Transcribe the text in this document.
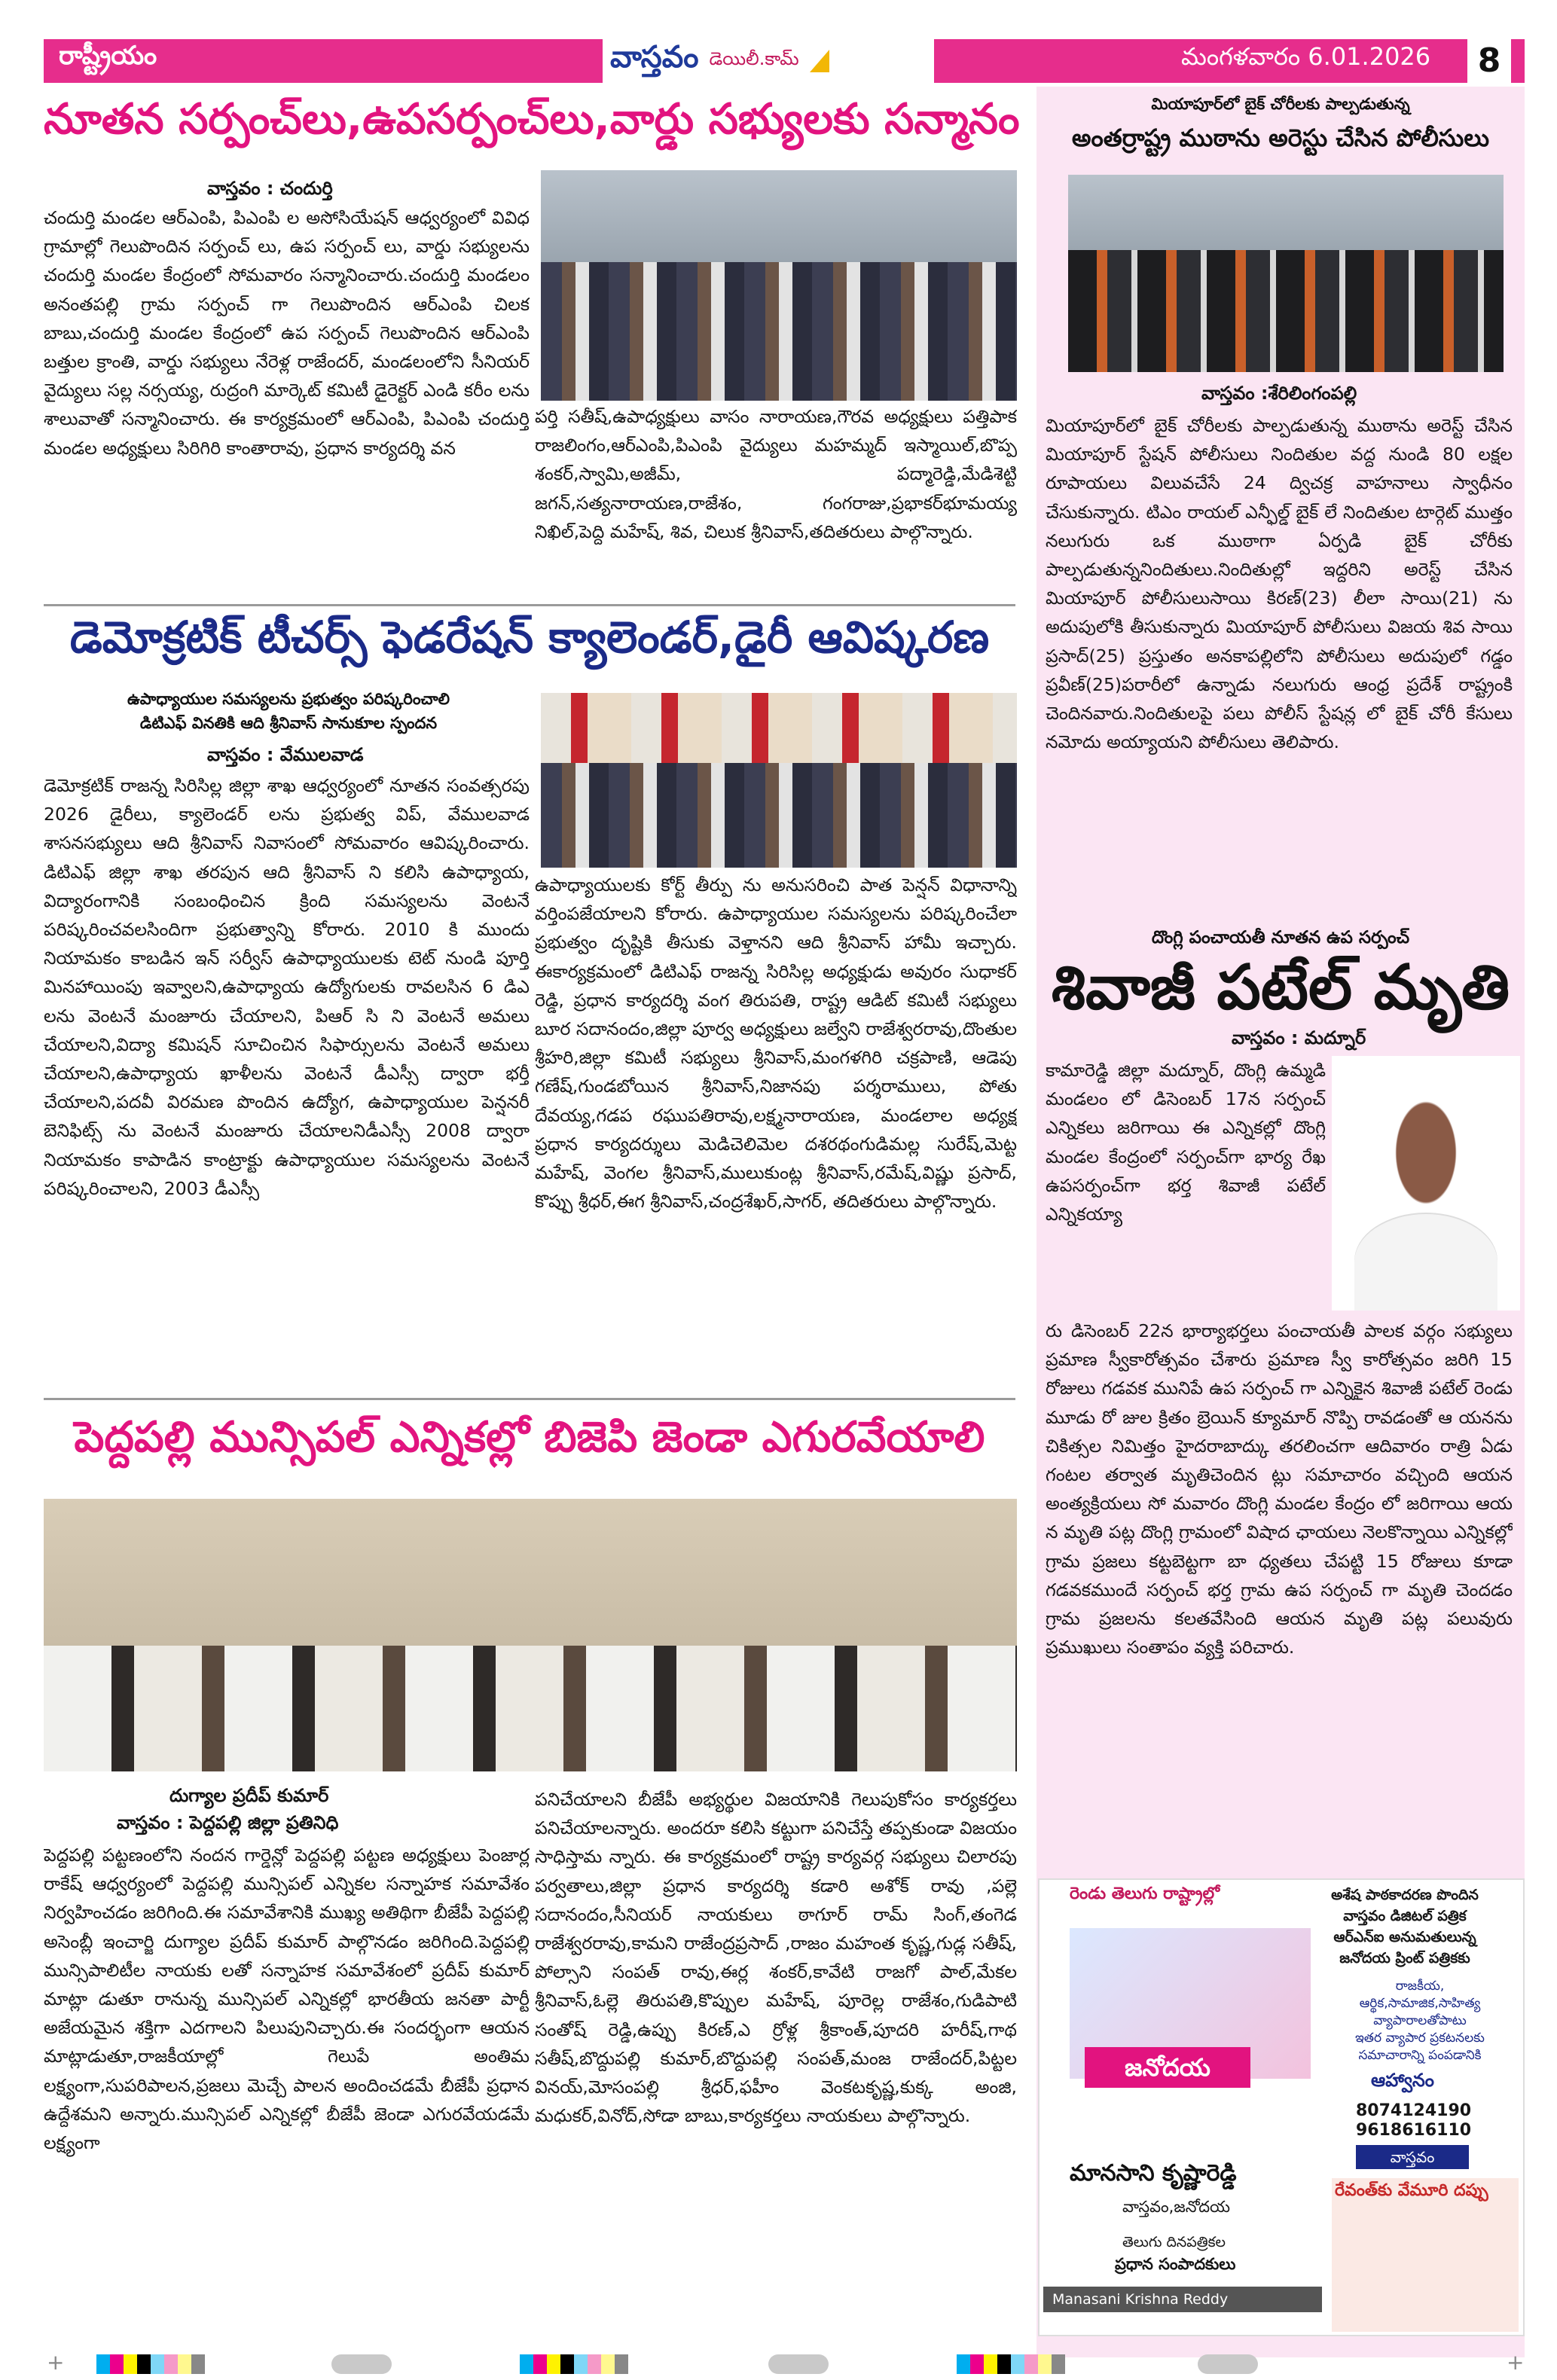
రాష్ట్రీయం	వాస్తవం డెయిలీ.కామ్	మంగళవారం 6.01.2026	8
నూతన సర్పంచ్‌లు,ఉపసర్పంచ్‌లు,వార్డు సభ్యులకు సన్మానం
వాస్తవం : చందుర్తి
చందుర్తి మండల ఆర్ఎంపి, పిఎంపి ల అసోసియేషన్ ఆధ్వర్యంలో వివిధ గ్రామాల్లో గెలుపొందిన సర్పంచ్ లు, ఉప సర్పంచ్ లు, వార్డు సభ్యులను చందుర్తి మండల కేంద్రంలో సోమవారం సన్మానించారు.చందుర్తి మండలం అనంతపల్లి గ్రామ సర్పంచ్ గా గెలుపొందిన ఆర్ఎంపి చిలక బాబు,చందుర్తి మండల కేంద్రంలో ఉప సర్పంచ్ గెలుపొందిన ఆర్ఎంపి బత్తుల క్రాంతి, వార్డు సభ్యులు నేరెళ్ల రాజేందర్, మండలంలోని సీనియర్ వైద్యులు సల్ల నర్సయ్య, రుద్రంగి మార్కెట్ కమిటీ డైరెక్టర్ ఎండి కరీం లను శాలువాతో సన్మానించారు. ఈ కార్యక్రమంలో ఆర్ఎంపి, పిఎంపి చందుర్తి మండల అధ్యక్షులు సిరిగిరి కాంతారావు, ప్రధాన కార్యదర్శి వన
పర్తి సతీష్,ఉపాధ్యక్షులు వాసం నారాయణ,గౌరవ అధ్యక్షులు పత్తిపాక రాజలింగం,ఆర్ఎంపి,పిఎంపి వైద్యులు మహమ్మద్ ఇస్మాయిల్,బొప్ప శంకర్,స్వామి,అజీమ్, పద్మారెడ్డి,మేడిశెట్టి జగన్,సత్యనారాయణ,రాజేశం, గంగరాజు,ప్రభాకర్‌భూమయ్య నిఖిల్,పెద్ది మహేష్, శివ, చిలుక శ్రీనివాస్,తదితరులు పాల్గొన్నారు.
డెమోక్రటిక్ టీచర్స్ ఫెడరేషన్ క్యాలెండర్,డైరీ ఆవిష్కరణ
ఉపాధ్యాయుల సమస్యలను ప్రభుత్వం పరిష్కరించాలి
డిటిఎఫ్ వినతికి ఆది శ్రీనివాస్ సానుకూల స్పందన
వాస్తవం : వేములవాడ
డెమోక్రటిక్ రాజన్న సిరిసిల్ల జిల్లా శాఖ ఆధ్వర్యంలో నూతన సంవత్సరపు 2026 డైరీలు, క్యాలెండర్ లను ప్రభుత్వ విప్, వేములవాడ శాసనసభ్యులు ఆది శ్రీనివాస్ నివాసంలో సోమవారం ఆవిష్కరించారు. డిటిఎఫ్ జిల్లా శాఖ తరపున ఆది శ్రీనివాస్ ని కలిసి ఉపాధ్యాయ, విద్యారంగానికి సంబంధించిన క్రింది సమస్యలను వెంటనే పరిష్కరించవలసిందిగా ప్రభుత్వాన్ని కోరారు. 2010 కి ముందు నియామకం కాబడిన ఇన్ సర్వీస్ ఉపాధ్యాయులకు టెట్ నుండి పూర్తి మినహాయింపు ఇవ్వాలని,ఉపాధ్యాయ ఉద్యోగులకు రావలసిన 6 డిఎ లను వెంటనే మంజూరు చేయాలని, పిఆర్ సి ని వెంటనే అమలు చేయాలని,విద్యా కమిషన్ సూచించిన సిఫార్సులను వెంటనే అమలు చేయాలని,ఉపాధ్యాయ ఖాళీలను వెంటనే డీఎస్సీ ద్వారా భర్తీ చేయాలని,పదవీ విరమణ పొందిన ఉద్యోగ, ఉపాధ్యాయుల పెన్షనరీ బెనిఫిట్స్ ను వెంటనే మంజూరు చేయాలనిడీఎస్సీ 2008 ద్వారా నియామకం కాపాడిన కాంట్రాక్టు ఉపాధ్యాయుల సమస్యలను వెంటనే పరిష్కరించాలని, 2003 డీఎస్సీ
ఉపాధ్యాయులకు కోర్ట్ తీర్పు ను అనుసరించి పాత పెన్షన్ విధానాన్ని వర్తింపజేయాలని కోరారు. ఉపాధ్యాయుల సమస్యలను పరిష్కరించేలా ప్రభుత్వం దృష్టికి తీసుకు వెళ్తానని ఆది శ్రీనివాస్ హామీ ఇచ్చారు. ఈకార్యక్రమంలో డిటిఎఫ్ రాజన్న సిరిసిల్ల అధ్యక్షుడు అవురం సుధాకర్ రెడ్డి, ప్రధాన కార్యదర్శి వంగ తిరుపతి, రాష్ట్ర ఆడిట్ కమిటీ సభ్యులు బూర సదానందం,జిల్లా పూర్వ అధ్యక్షులు జల్వేని రాజేశ్వరరావు,దొంతుల శ్రీహరి,జిల్లా కమిటీ సభ్యులు శ్రీనివాస్,మంగళగిరి చక్రపాణి, ఆడెపు గణేష్,గుండబోయిన శ్రీనివాస్,నిజానపు పర్శరాములు, పోతు దేవయ్య,గడప రఘుపతిరావు,లక్ష్మనారాయణ, మండలాల అధ్యక్ష ప్రధాన కార్యదర్శులు మెడిచెలిమెల దశరథంగుడిమల్ల సురేష్,మెట్ట మహేష్, వెంగల శ్రీనివాస్,ములుకుంట్ల శ్రీనివాస్,రమేష్,విష్ణు ప్రసాద్, కొప్పు శ్రీధర్,ఈగ శ్రీనివాస్,చంద్రశేఖర్,సాగర్, తదితరులు పాల్గొన్నారు.
పెద్దపల్లి మున్సిపల్ ఎన్నికల్లో బిజెపి జెండా ఎగురవేయాలి
దుగ్యాల ప్రదీప్ కుమార్
వాస్తవం : పెద్దపల్లి జిల్లా ప్రతినిధి
పెద్దపల్లి పట్టణంలోని నందన గార్డెన్లో పెద్దపల్లి పట్టణ అధ్యక్షులు పెంజార్ల రాకేష్ ఆధ్వర్యంలో పెద్దపల్లి మున్సిపల్ ఎన్నికల సన్నాహక సమావేశం నిర్వహించడం జరిగింది.ఈ సమావేశానికి ముఖ్య అతిథిగా బీజేపీ పెద్దపల్లి అసెంబ్లీ ఇంచార్జి దుగ్యాల ప్రదీప్ కుమార్ పాల్గొనడం జరిగింది.పెద్దపల్లి మున్సిపాలిటీల నాయకు లతో సన్నాహక సమావేశంలో ప్రదీప్ కుమార్ మాట్లా డుతూ రానున్న మున్సిపల్ ఎన్నికల్లో భారతీయ జనతా పార్టీ అజేయమైన శక్తిగా ఎదగాలని పిలుపునిచ్చారు.ఈ సందర్భంగా ఆయన మాట్లాడుతూ,రాజకీయాల్లో గెలుపే అంతిమ లక్ష్యంగా,సుపరిపాలన,ప్రజలు మెచ్చే పాలన అందించడమే బీజేపీ ప్రధాన ఉద్దేశమని అన్నారు.మున్సిపల్ ఎన్నికల్లో బీజేపీ జెండా ఎగురవేయడమే లక్ష్యంగా
పనిచేయాలని బీజేపీ అభ్యర్థుల విజయానికి గెలుపుకోసం కార్యకర్తలు పనిచేయాలన్నారు. అందరూ కలిసి కట్టుగా పనిచేస్తే తప్పకుండా విజయం సాధిస్తామ న్నారు. ఈ కార్యక్రమంలో రాష్ట్ర కార్యవర్గ సభ్యులు చిలారపు పర్వతాలు,జిల్లా ప్రధాన కార్యదర్శి కడారి అశోక్ రావు ,పల్లె సదానందం,సీనియర్ నాయకులు ఠాగూర్ రామ్ సింగ్,తంగెడ రాజేశ్వరరావు,కామని రాజేంద్రప్రసాద్ ,రాజం మహంత కృష్ణ,గుడ్ల సతీష్, పోల్సాని సంపత్ రావు,ఈర్ల శంకర్,కావేటి రాజగో పాల్,మేకల శ్రీనివాస్,ఓల్లె తిరుపతి,కొప్పుల మహేష్, పూరెల్ల రాజేశం,గుడిపాటి సంతోష్ రెడ్డి,ఉప్పు కిరణ్,ఎ ర్రోళ్ల శ్రీకాంత్,పూదరి హరీష్,గాథ సతీష్,బొద్దుపల్లి కుమార్,బొద్దుపల్లి సంపత్,మంజ రాజేందర్,పిట్టల వినయ్,మోసంపల్లి శ్రీధర్,ఫహీం వెంకటకృష్ణ,కుక్క అంజి, మధుకర్,వినోద్,సోడా బాబు,కార్యకర్తలు నాయకులు పాల్గొన్నారు.
మియాపూర్‌లో బైక్ చోరీలకు పాల్పడుతున్న
అంతర్రాష్ట్ర ముఠాను అరెస్టు చేసిన పోలీసులు
వాస్తవం :శేరిలింగంపల్లి
మియాపూర్‌లో బైక్ చోరీలకు పాల్పడుతున్న ముఠాను అరెస్ట్ చేసిన మియాపూర్ స్టేషన్ పోలీసులు నిందితుల వద్ద నుండి 80 లక్షల రూపాయలు విలువచేసే 24 ద్విచక్ర వాహనాలు స్వాధీనం చేసుకున్నారు. టిఎం రాయల్ ఎన్ఫీల్డ్ బైక్ లే నిందితుల టార్గెట్ ముత్తం నలుగురు ఒక ముఠాగా ఏర్పడి బైక్ చోరీకు పాల్పడుతున్ననిందితులు.నిందితుల్లో ఇద్దరిని అరెస్ట్ చేసిన మియాపూర్ పోలీసులుసాయి కిరణ్(23) లీలా సాయి(21) ను అదుపులోకి తీసుకున్నారు మియాపూర్ పోలీసులు విజయ శివ సాయి ప్రసాద్(25) ప్రస్తుతం అనకాపల్లిలోని పోలీసులు అదుపులో గడ్డం ప్రవీణ్(25)పరారీలో ఉన్నాడు నలుగురు ఆంధ్ర ప్రదేశ్ రాష్ట్రంకి చెందినవారు.నిందితులపై పలు పోలీస్ స్టేషన్ల లో బైక్ చోరీ కేసులు నమోదు అయ్యాయని పోలీసులు తెలిపారు.
దొంగ్లి పంచాయతీ నూతన ఉప సర్పంచ్
శివాజీ పటేల్ మృతి
వాస్తవం : మద్నూర్
కామారెడ్డి జిల్లా మద్నూర్, దొంగ్లి ఉమ్మడి మండలం లో డిసెంబర్ 17న సర్పంచ్ ఎన్నికలు జరిగాయి ఈ ఎన్నికల్లో దొంగ్లి మండల కేంద్రంలో సర్పంచ్‌గా భార్య రేఖ ఉపసర్పంచ్‌గా భర్త శివాజీ పటేల్ ఎన్నికయ్యా
రు డిసెంబర్ 22న భార్యాభర్తలు పంచాయతీ పాలక వర్గం సభ్యులు ప్రమాణ స్వీకారోత్సవం చేశారు ప్రమాణ స్వీ కారోత్సవం జరిగి 15 రోజులు గడవక మునిపే ఉప సర్పంచ్ గా ఎన్నికైన శివాజీ పటేల్ రెండు మూడు రో జుల క్రితం బ్రెయిన్ క్యూమార్ నొప్పి రావడంతో ఆ యనను చికిత్సల నిమిత్తం హైదరాబాద్కు తరలించగా ఆదివారం రాత్రి ఏడు గంటల తర్వాత మృతిచెందిన ట్లు సమాచారం వచ్చింది ఆయన అంత్యక్రియలు సో మవారం దొంగ్లి మండల కేంద్రం లో జరిగాయి ఆయ న మృతి పట్ల దొంగ్లి గ్రామంలో విషాద ఛాయలు నెలకొన్నాయి ఎన్నికల్లో గ్రామ ప్రజలు కట్టబెట్టగా బా ధ్యతలు చేపట్టి 15 రోజులు కూడా గడవకముందే సర్పంచ్ భర్త గ్రామ ఉప సర్పంచ్ గా మృతి చెందడం గ్రామ ప్రజలను కలతవేసింది ఆయన మృతి పట్ల పలువురు ప్రముఖులు సంతాపం వ్యక్తి పరిచారు.
రెండు తెలుగు రాష్ట్రాల్లో	అశేష పాఠకాదరణ పొందిన
వాస్తవం డిజిటల్ పత్రిక
ఆర్ఎన్ఐ అనుమతులున్న
జనోదయ ప్రింట్ పత్రికకు
రాజకీయ,
ఆర్థిక,సామాజిక,సాహిత్య
వ్యాపారాలతోపాటు
ఇతర వ్యాపార ప్రకటనలకు
సమాచారాన్ని పంపడానికి
జనోదయ	ఆహ్వానం
8074124190
9618616110
వాస్తవం
మానసాని కృష్ణారెడ్డి
వాస్తవం,జనోదయ
తెలుగు దినపత్రికల
ప్రధాన సంపాదకులు
Manasani Krishna Reddy
రేవంత్‌కు వేమూరి దప్పు
+	+
